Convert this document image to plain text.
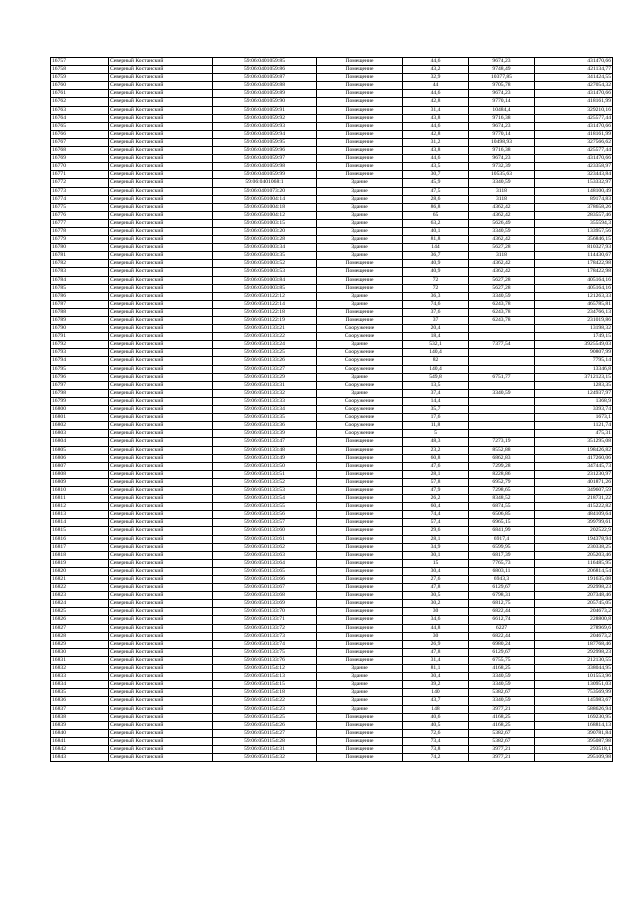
16757	Северный Костанский	59:06:0401059:85	Помещение	44,6	9674,23	431470,66
16758	Северный Костанский	59:06:0401059:86	Помещение	43,2	9748,49	421134,77
16759	Северный Костанский	59:06:0401059:87	Помещение	32,9	10377,85	341424,55
16760	Северный Костанский	59:06:0401059:88	Помещение	44	9705,78	427054,32
16761	Северный Костанский	59:06:0401059:89	Помещение	44,6	9674,23	431470,66
16762	Северный Костанский	59:06:0401059:90	Помещение	42,8	9770,14	418161,99
16763	Северный Костанский	59:06:0401059:91	Помещение	31,4	10484,4	329210,16
16764	Северный Костанский	59:06:0401059:92	Помещение	43,8	9716,38	425577,44
16765	Северный Костанский	59:06:0401059:93	Помещение	44,6	9674,23	431470,66
16766	Северный Костанский	59:06:0401059:94	Помещение	42,8	9770,14	418161,99
16767	Северный Костанский	59:06:0401059:95	Помещение	31,2	10498,93	327566,62
16768	Северный Костанский	59:06:0401059:96	Помещение	43,8	9716,38	425577,44
16769	Северный Костанский	59:06:0401059:97	Помещение	44,6	9674,23	431470,66
16770	Северный Костанский	59:06:0401059:98	Помещение	43,5	9732,39	423358,97
16771	Северный Костанский	59:06:0401059:99	Помещение	30,7	10535,63	323443,84
16772	Северный Костанский	59:06:0401068:1	Здание	45,9	3340,59	153332,97
16773	Северный Костанский	59:06:0401073:20	Здание	47,5	3118	148100,49
16774	Северный Костанский	59:06:0501004:14	Здание	28,6	3118	89174,83
16775	Северный Костанский	59:06:0501004:18	Здание	86,8	4362,42	378658,26
16776	Северный Костанский	59:06:0501004:12	Здание	65	4362,42	283557,46
16777	Северный Костанский	59:06:0501003:15	Здание	63,2	5626,49	355594,3
16778	Северный Костанский	59:06:0501003:20	Здание	40,1	3340,59	133957,56
16779	Северный Костанский	59:06:0501003:28	Здание	81,8	4362,42	356846,15
16780	Северный Костанский	59:06:0501003:34	Здание	144	5627,28	810327,93
16781	Северный Костанский	59:06:0501003:35	Здание	36,7	3118	114430,67
16782	Северный Костанский	59:06:0501003:52	Помещение	40,9	4362,42	178422,98
16783	Северный Костанский	59:06:0501003:53	Помещение	40,9	4362,42	178422,98
16784	Северный Костанский	59:06:0501003:84	Помещение	72	5627,28	405164,16
16785	Северный Костанский	59:06:0501003:85	Помещение	72	5627,28	405164,16
16786	Северный Костанский	59:06:0501122:12	Здание	36,3	3340,59	121263,33
16787	Северный Костанский	59:06:0501122:14	Здание	74,6	6243,78	465785,81
16788	Северный Костанский	59:06:0501122:18	Помещение	37,6	6243,78	234766,13
16789	Северный Костанский	59:06:0501122:19	Помещение	37	6243,78	231019,86
16790	Северный Костанский	59:06:0501133:21	Сооружение	20,4		13198,32
16791	Северный Костанский	59:06:0501133:22	Сооружение	18,4		1749,15
16792	Северный Костанский	59:06:0501133:24	Здание	532,1	7377,54	3925549,03
16793	Северный Костанский	59:06:0501133:25	Сооружение	140,4		90807,99
16794	Северный Костанский	59:06:0501133:26	Сооружение	82		7795,14
16795	Северный Костанский	59:06:0501133:27	Сооружение	140,4		13346,8
16796	Северный Костанский	59:06:0501133:29	Здание	549,8	6751,77	3712123,15
16797	Северный Костанский	59:06:0501133:31	Сооружение	13,5		1283,35
16798	Северный Костанский	59:06:0501133:32	Здание	37,4	3340,59	124937,97
16799	Северный Костанский	59:06:0501133:33	Сооружение	14,4		1368,9
16800	Северный Костанский	59:06:0501133:34	Сооружение	35,7		3393,74
16801	Северный Костанский	59:06:0501133:35	Сооружение	17,6		1673,1
16802	Северный Костанский	59:06:0501133:36	Сооружение	11,8		1121,74
16803	Северный Костанский	59:06:0501133:39	Сооружение	5		475,31
16804	Северный Костанский	59:06:0501133:47	Помещение	48,3	7273,19	351295,08
16805	Северный Костанский	59:06:0501133:48	Помещение	23,2	8552,88	198426,82
16806	Северный Костанский	59:06:0501133:49	Помещение	60,8	6862,83	417260,06
16807	Северный Костанский	59:06:0501133:50	Помещение	47,6	7299,28	347445,73
16808	Северный Костанский	59:06:0501133:51	Помещение	28,1	8228,86	231230,97
16809	Северный Костанский	59:06:0501133:52	Помещение	57,8	6952,79	401871,26
16810	Северный Костанский	59:06:0501133:53	Помещение	47,9	7298,65	349607,59
16811	Северный Костанский	59:06:0501133:54	Помещение	26,2	8348,52	218731,22
16812	Северный Костанский	59:06:0501133:55	Помещение	60,4	6874,55	415222,82
16813	Северный Костанский	59:06:0501133:56	Помещение	74,4	6506,85	484109,64
16814	Северный Костанский	59:06:0501133:57	Помещение	57,4	6965,15	399799,61
16815	Северный Костанский	59:06:0501133:60	Помещение	29,6	6841,99	202522,9
16816	Северный Костанский	59:06:0501133:61	Помещение	28,1	6917,4	194378,94
16817	Северный Костанский	59:06:0501133:62	Помещение	34,9	6599,95	230338,25
16818	Северный Костанский	59:06:0501133:63	Помещение	30,1	6817,39	205203,46
16819	Северный Костанский	59:06:0501133:64	Помещение	15	7765,73	116485,95
16820	Северный Костанский	59:06:0501133:65	Помещение	30,4	6803,11	206814,54
16821	Северный Костанский	59:06:0501133:66	Помещение	27,6	6943,3	191635,08
16822	Северный Костанский	59:06:0501133:67	Помещение	47,8	6129,67	292998,23
16823	Северный Костанский	59:06:0501133:68	Помещение	30,5	6798,31	207348,46
16824	Северный Костанский	59:06:0501133:69	Помещение	30,2	6812,75	205745,05
16825	Северный Костанский	59:06:0501133:70	Помещение	30	6822,44	204673,2
16826	Северный Костанский	59:06:0501133:71	Помещение	34,6	6612,74	228800,8
16827	Северный Костанский	59:06:0501133:72	Помещение	44,8	6227	278969,6
16828	Северный Костанский	59:06:0501133:73	Помещение	30	6822,44	204673,2
16829	Северный Костанский	59:06:0501133:74	Помещение	26,9	6980,24	187768,46
16830	Северный Костанский	59:06:0501133:75	Помещение	47,8	6129,67	292998,23
16831	Северный Костанский	59:06:0501133:76	Помещение	31,4	6755,75	212130,55
16832	Северный Костанский	59:06:0501154:12	Здание	81,1	4168,25	338044,95
16833	Северный Костанский	59:06:0501154:13	Здание	30,4	3340,59	101553,96
16834	Северный Костанский	59:06:0501154:15	Здание	39,2	3340,59	130951,03
16835	Северный Костанский	59:06:0501154:18	Здание	140	5382,67	753569,99
16836	Северный Костанский	59:06:0501154:22	Здание	43,7	3340,59	145983,67
16837	Северный Костанский	59:06:0501154:23	Здание	148	3977,21	588626,94
16838	Северный Костанский	59:06:0501154:25	Помещение	40,6	4168,25	169230,95
16839	Северный Костанский	59:06:0501154:26	Помещение	40,5	4168,25	168814,13
16840	Северный Костанский	59:06:0501154:27	Помещение	72,6	5382,67	390781,84
16841	Северный Костанский	59:06:0501154:28	Помещение	73,4	5382,67	395087,98
16842	Северный Костанский	59:06:0501154:31	Помещение	73,8	3977,21	293518,1
16843	Северный Костанский	59:06:0501154:32	Помещение	74,2	3977,21	295109,98
